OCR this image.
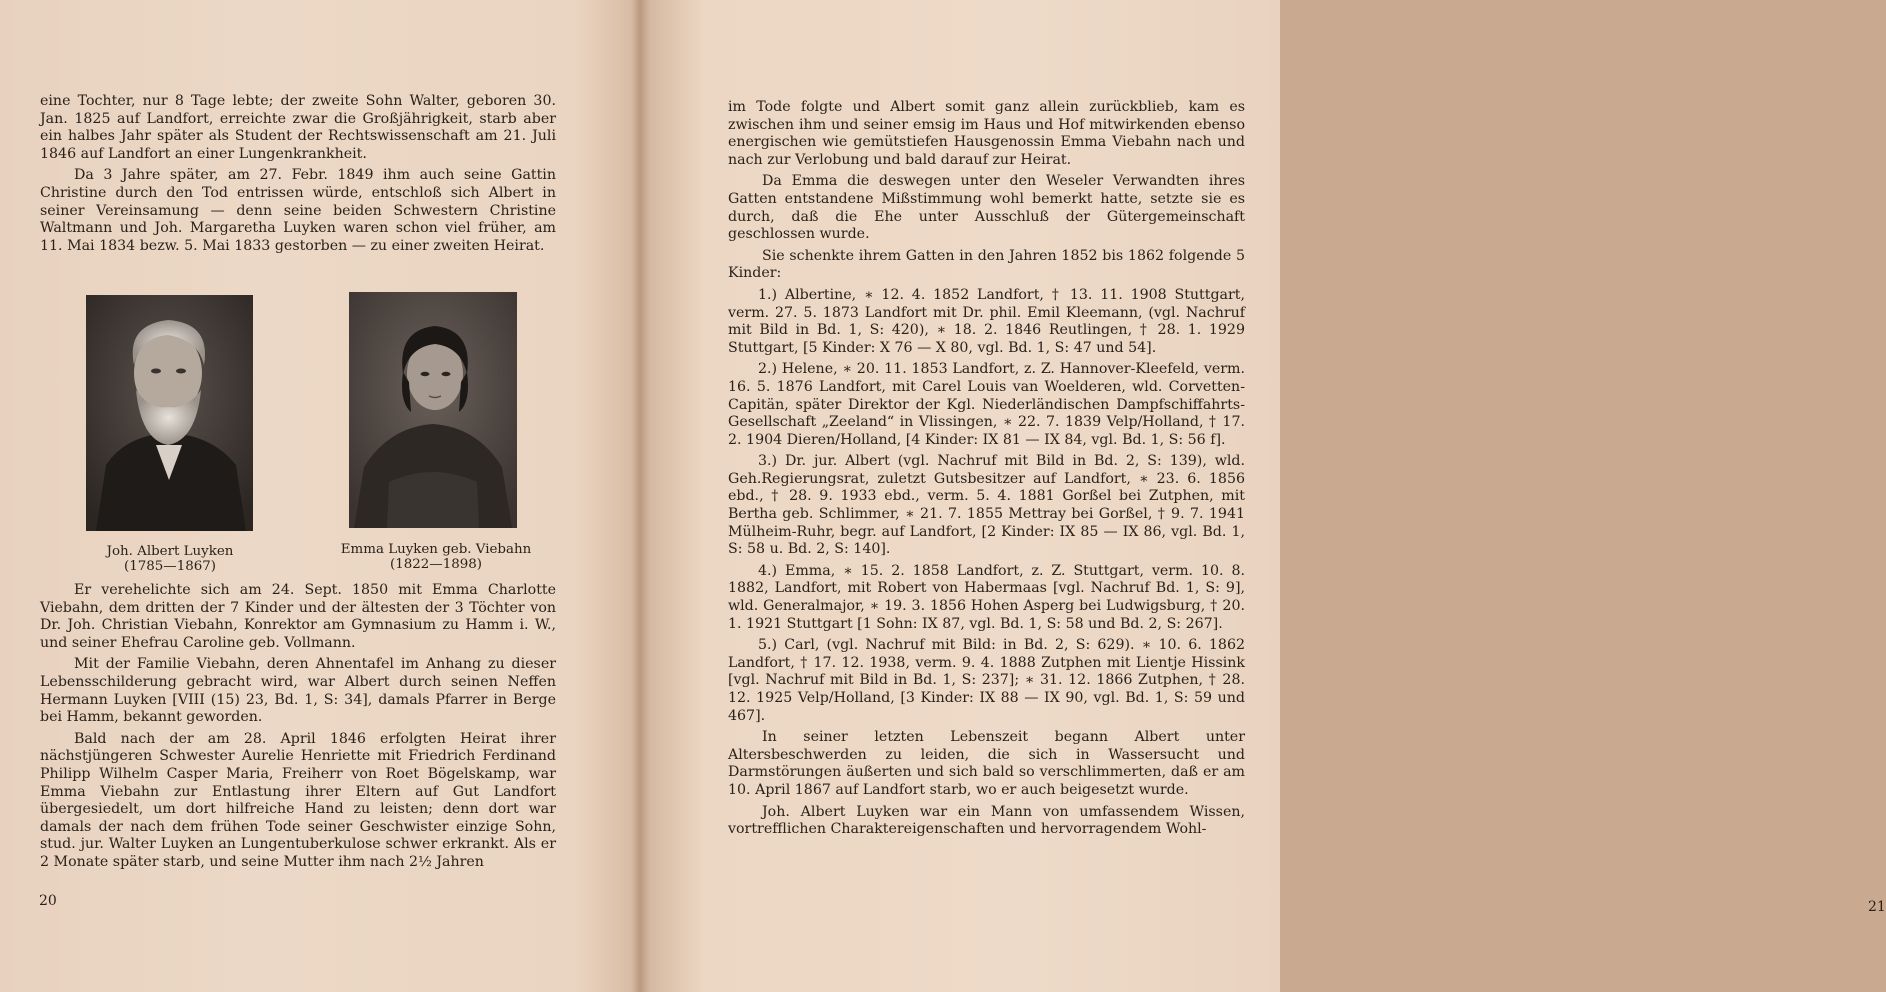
eine Tochter, nur 8 Tage lebte; der zweite Sohn Walter, geboren 30. Jan. 1825 auf Landfort, erreichte zwar die Großjährigkeit, starb aber ein halbes Jahr später als Student der Rechtswissenschaft am 21. Juli 1846 auf Landfort an einer Lungenkrankheit.

Da 3 Jahre später, am 27. Febr. 1849 ihm auch seine Gattin Christine durch den Tod entrissen würde, entschloß sich Albert in seiner Vereinsamung — denn seine beiden Schwestern Christine Waltmann und Joh. Margaretha Luyken waren schon viel früher, am 11. Mai 1834 bezw. 5. Mai 1833 gestorben — zu einer zweiten Heirat.

Joh. Albert Luyken
(1785—1867)
Emma Luyken geb. Viebahn
(1822—1898)

Er verehelichte sich am 24. Sept. 1850 mit Emma Charlotte Viebahn, dem dritten der 7 Kinder und der ältesten der 3 Töchter von Dr. Joh. Christian Viebahn, Konrektor am Gymnasium zu Hamm i. W., und seiner Ehefrau Caroline geb. Vollmann.

Mit der Familie Viebahn, deren Ahnentafel im Anhang zu dieser Lebensschilderung gebracht wird, war Albert durch seinen Neffen Hermann Luyken [VIII (15) 23, Bd. 1, S: 34], damals Pfarrer in Berge bei Hamm, bekannt geworden.

Bald nach der am 28. April 1846 erfolgten Heirat ihrer nächstjüngeren Schwester Aurelie Henriette mit Friedrich Ferdinand Philipp Wilhelm Casper Maria, Freiherr von Roet Bögelskamp, war Emma Viebahn zur Entlastung ihrer Eltern auf Gut Landfort übergesiedelt, um dort hilfreiche Hand zu leisten; denn dort war damals der nach dem frühen Tode seiner Geschwister einzige Sohn, stud. jur. Walter Luyken an Lungentuberkulose schwer erkrankt. Als er 2 Monate später starb, und seine Mutter ihm nach 2½ Jahren

20

im Tode folgte und Albert somit ganz allein zurückblieb, kam es zwischen ihm und seiner emsig im Haus und Hof mitwirkenden ebenso energischen wie gemütstiefen Hausgenossin Emma Viebahn nach und nach zur Verlobung und bald darauf zur Heirat.

Da Emma die deswegen unter den Weseler Verwandten ihres Gatten entstandene Mißstimmung wohl bemerkt hatte, setzte sie es durch, daß die Ehe unter Ausschluß der Gütergemeinschaft geschlossen wurde.

Sie schenkte ihrem Gatten in den Jahren 1852 bis 1862 folgende 5 Kinder:

1.) Albertine, ∗ 12. 4. 1852 Landfort, † 13. 11. 1908 Stuttgart, verm. 27. 5. 1873 Landfort mit Dr. phil. Emil Kleemann, (vgl. Nachruf mit Bild in Bd. 1, S: 420), ∗ 18. 2. 1846 Reutlingen, † 28. 1. 1929 Stuttgart, [5 Kinder: X 76 — X 80, vgl. Bd. 1, S: 47 und 54].

2.) Helene, ∗ 20. 11. 1853 Landfort, z. Z. Hannover-Kleefeld, verm. 16. 5. 1876 Landfort, mit Carel Louis van Woelderen, wld. Corvetten-Capitän, später Direktor der Kgl. Niederländischen Dampfschiffahrts-Gesellschaft „Zeeland“ in Vlissingen, ∗ 22. 7. 1839 Velp/Holland, † 17. 2. 1904 Dieren/Holland, [4 Kinder: IX 81 — IX 84, vgl. Bd. 1, S: 56 f].

3.) Dr. jur. Albert (vgl. Nachruf mit Bild in Bd. 2, S: 139), wld. Geh.Regierungsrat, zuletzt Gutsbesitzer auf Landfort, ∗ 23. 6. 1856 ebd., † 28. 9. 1933 ebd., verm. 5. 4. 1881 Gorßel bei Zutphen, mit Bertha geb. Schlimmer, ∗ 21. 7. 1855 Mettray bei Gorßel, † 9. 7. 1941 Mülheim-Ruhr, begr. auf Landfort, [2 Kinder: IX 85 — IX 86, vgl. Bd. 1, S: 58 u. Bd. 2, S: 140].

4.) Emma, ∗ 15. 2. 1858 Landfort, z. Z. Stuttgart, verm. 10. 8. 1882, Landfort, mit Robert von Habermaas [vgl. Nachruf Bd. 1, S: 9], wld. Generalmajor, ∗ 19. 3. 1856 Hohen Asperg bei Ludwigsburg, † 20. 1. 1921 Stuttgart [1 Sohn: IX 87, vgl. Bd. 1, S: 58 und Bd. 2, S: 267].

5.) Carl, (vgl. Nachruf mit Bild: in Bd. 2, S: 629). ∗ 10. 6. 1862 Landfort, † 17. 12. 1938, verm. 9. 4. 1888 Zutphen mit Lientje Hissink [vgl. Nachruf mit Bild in Bd. 1, S: 237]; ∗ 31. 12. 1866 Zutphen, † 28. 12. 1925 Velp/Holland, [3 Kinder: IX 88 — IX 90, vgl. Bd. 1, S: 59 und 467].

In seiner letzten Lebenszeit begann Albert unter Altersbeschwerden zu leiden, die sich in Wassersucht und Darmstörungen äußerten und sich bald so verschlimmerten, daß er am 10. April 1867 auf Landfort starb, wo er auch beigesetzt wurde.

Joh. Albert Luyken war ein Mann von umfassendem Wissen, vortrefflichen Charaktereigenschaften und hervorragendem Wohl-

21
